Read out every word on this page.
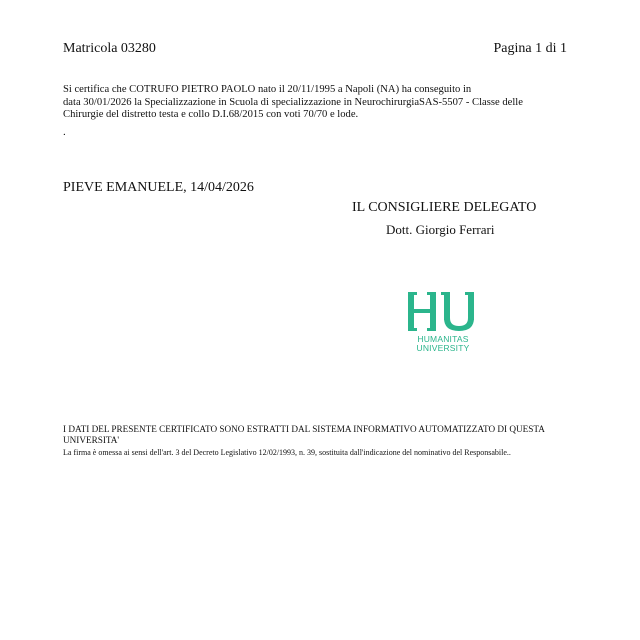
Matricola 03280	Pagina 1 di 1
Si certifica che COTRUFO PIETRO PAOLO nato il 20/11/1995 a Napoli (NA) ha conseguito in
data 30/01/2026 la Specializzazione in Scuola di specializzazione in NeurochirurgiaSAS-5507 - Classe delle
Chirurgie del distretto testa e collo D.I.68/2015 con voti 70/70 e lode.
.
PIEVE EMANUELE, 14/04/2026
IL CONSIGLIERE DELEGATO
Dott. Giorgio Ferrari
HUMANITAS
UNIVERSITY
I DATI DEL PRESENTE CERTIFICATO SONO ESTRATTI DAL SISTEMA INFORMATIVO AUTOMATIZZATO DI QUESTA UNIVERSITA'
La firma è omessa ai sensi dell'art. 3 del Decreto Legislativo 12/02/1993, n. 39, sostituita dall'indicazione del nominativo del Responsabile..
